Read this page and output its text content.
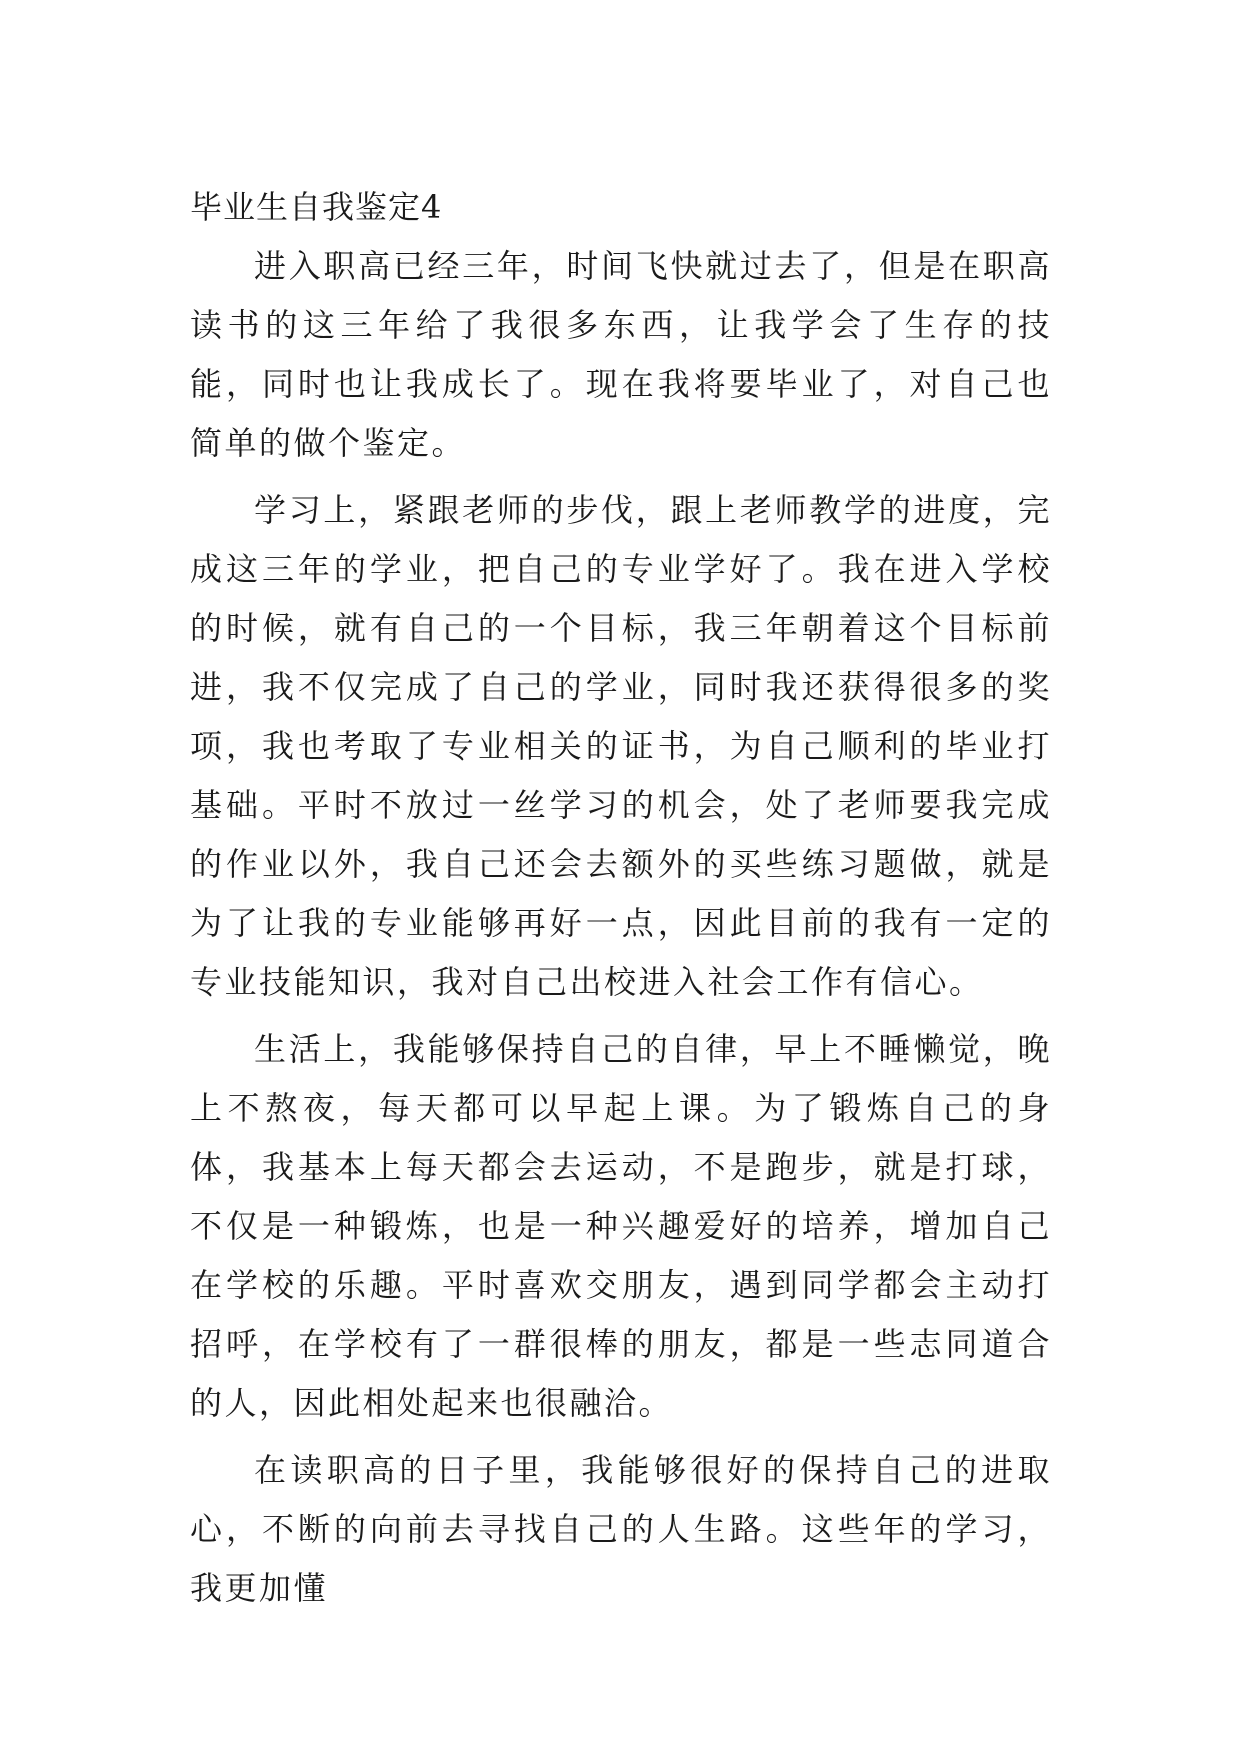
毕业生自我鉴定4

进入职高已经三年，时间飞快就过去了，但是在职高读书的这三年给了我很多东西，让我学会了生存的技能，同时也让我成长了。现在我将要毕业了，对自己也简单的做个鉴定。

学习上，紧跟老师的步伐，跟上老师教学的进度，完成这三年的学业，把自己的专业学好了。我在进入学校的时候，就有自己的一个目标，我三年朝着这个目标前进，我不仅完成了自己的学业，同时我还获得很多的奖项，我也考取了专业相关的证书，为自己顺利的毕业打基础。平时不放过一丝学习的机会，处了老师要我完成的作业以外，我自己还会去额外的买些练习题做，就是为了让我的专业能够再好一点，因此目前的我有一定的专业技能知识，我对自己出校进入社会工作有信心。

生活上，我能够保持自己的自律，早上不睡懒觉，晚上不熬夜，每天都可以早起上课。为了锻炼自己的身体，我基本上每天都会去运动，不是跑步，就是打球，不仅是一种锻炼，也是一种兴趣爱好的培养，增加自己在学校的乐趣。平时喜欢交朋友，遇到同学都会主动打招呼，在学校有了一群很棒的朋友，都是一些志同道合的人，因此相处起来也很融洽。

在读职高的日子里，我能够很好的保持自己的进取心，不断的向前去寻找自己的人生路。这些年的学习，我更加懂
